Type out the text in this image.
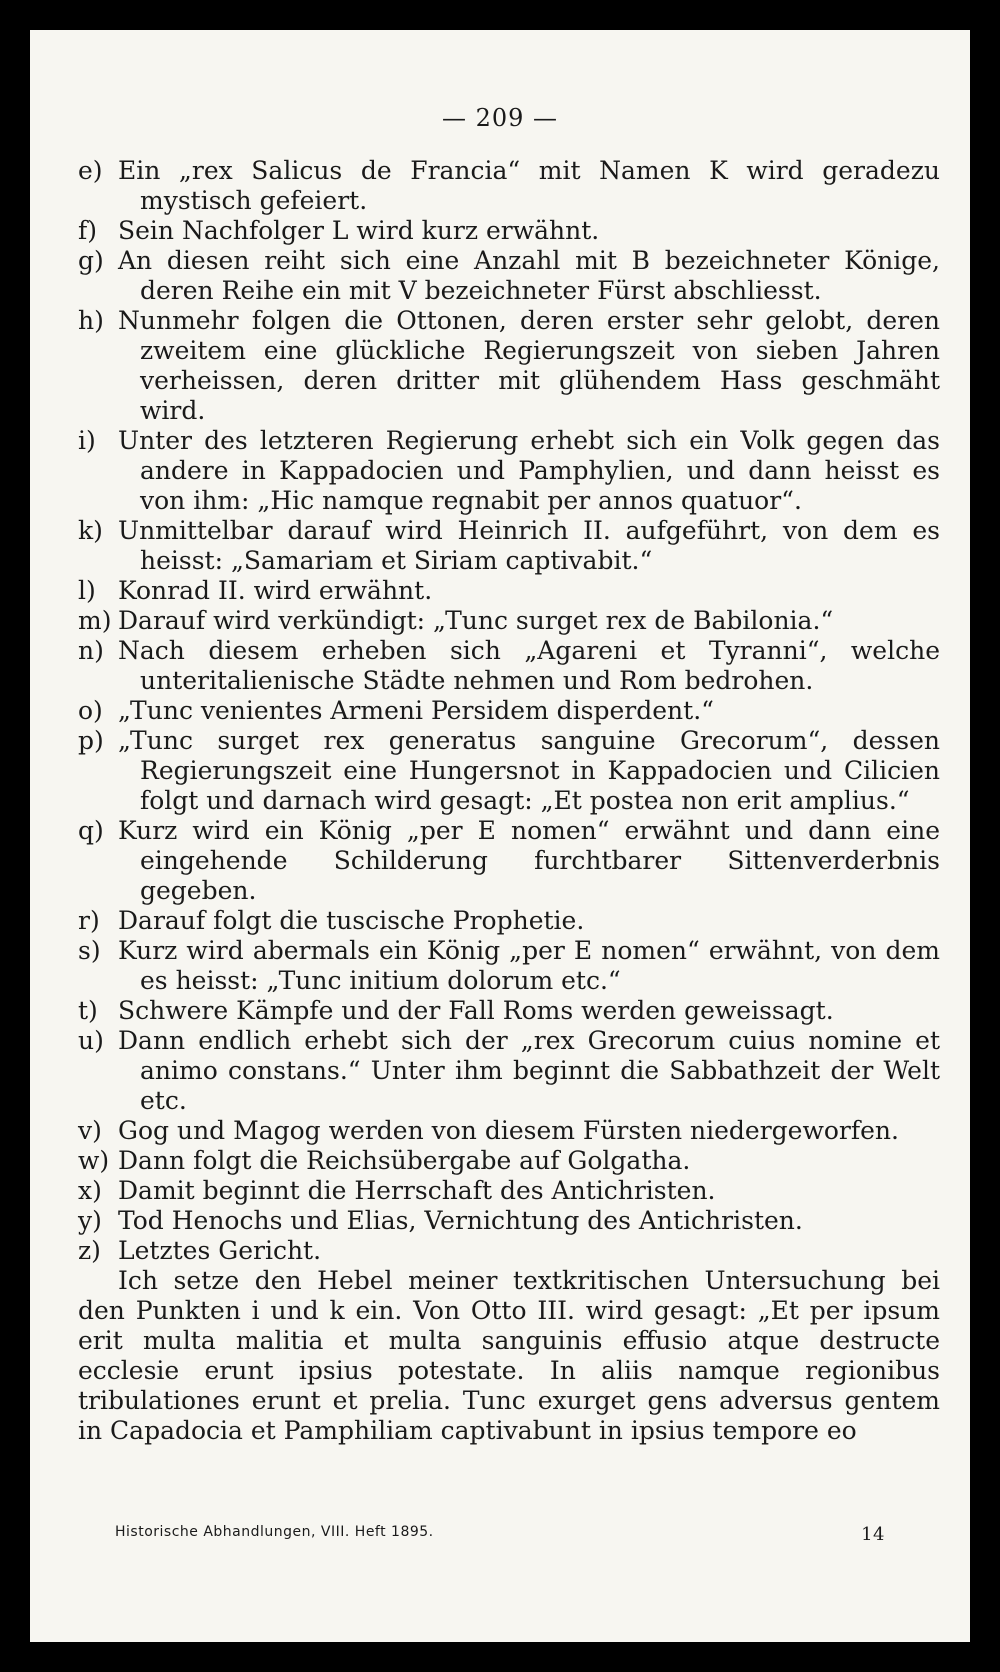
— 209 —

e) Ein „rex Salicus de Francia“ mit Namen K wird geradezu mystisch gefeiert.

f) Sein Nachfolger L wird kurz erwähnt.

g) An diesen reiht sich eine Anzahl mit B bezeichneter Könige, deren Reihe ein mit V bezeichneter Fürst abschliesst.

h) Nunmehr folgen die Ottonen, deren erster sehr gelobt, deren zweitem eine glückliche Regierungszeit von sieben Jahren verheissen, deren dritter mit glühendem Hass geschmäht wird.

i) Unter des letzteren Regierung erhebt sich ein Volk gegen das andere in Kappadocien und Pamphylien, und dann heisst es von ihm: „Hic namque regnabit per annos quatuor“.

k) Unmittelbar darauf wird Heinrich II. aufgeführt, von dem es heisst: „Samariam et Siriam captivabit.“

l) Konrad II. wird erwähnt.

m) Darauf wird verkündigt: „Tunc surget rex de Babilonia.“

n) Nach diesem erheben sich „Agareni et Tyranni“, welche unteritalienische Städte nehmen und Rom bedrohen.

o) „Tunc venientes Armeni Persidem disperdent.“

p) „Tunc surget rex generatus sanguine Grecorum“, dessen Regierungszeit eine Hungersnot in Kappadocien und Cilicien folgt und darnach wird gesagt: „Et postea non erit amplius.“

q) Kurz wird ein König „per E nomen“ erwähnt und dann eine eingehende Schilderung furchtbarer Sittenverderbnis gegeben.

r) Darauf folgt die tuscische Prophetie.

s) Kurz wird abermals ein König „per E nomen“ erwähnt, von dem es heisst: „Tunc initium dolorum etc.“

t) Schwere Kämpfe und der Fall Roms werden geweissagt.

u) Dann endlich erhebt sich der „rex Grecorum cuius nomine et animo constans.“ Unter ihm beginnt die Sabbathzeit der Welt etc.

v) Gog und Magog werden von diesem Fürsten niedergeworfen.

w) Dann folgt die Reichsübergabe auf Golgatha.

x) Damit beginnt die Herrschaft des Antichristen.

y) Tod Henochs und Elias, Vernichtung des Antichristen.

z) Letztes Gericht.

Ich setze den Hebel meiner textkritischen Untersuchung bei den Punkten i und k ein. Von Otto III. wird gesagt: „Et per ipsum erit multa malitia et multa sanguinis effusio atque destructe ecclesie erunt ipsius potestate. In aliis namque regionibus tribulationes erunt et prelia. Tunc exurget gens adversus gentem in Capadocia et Pamphiliam captivabunt in ipsius tempore eo

Historische Abhandlungen, VIII. Heft 1895.	14
